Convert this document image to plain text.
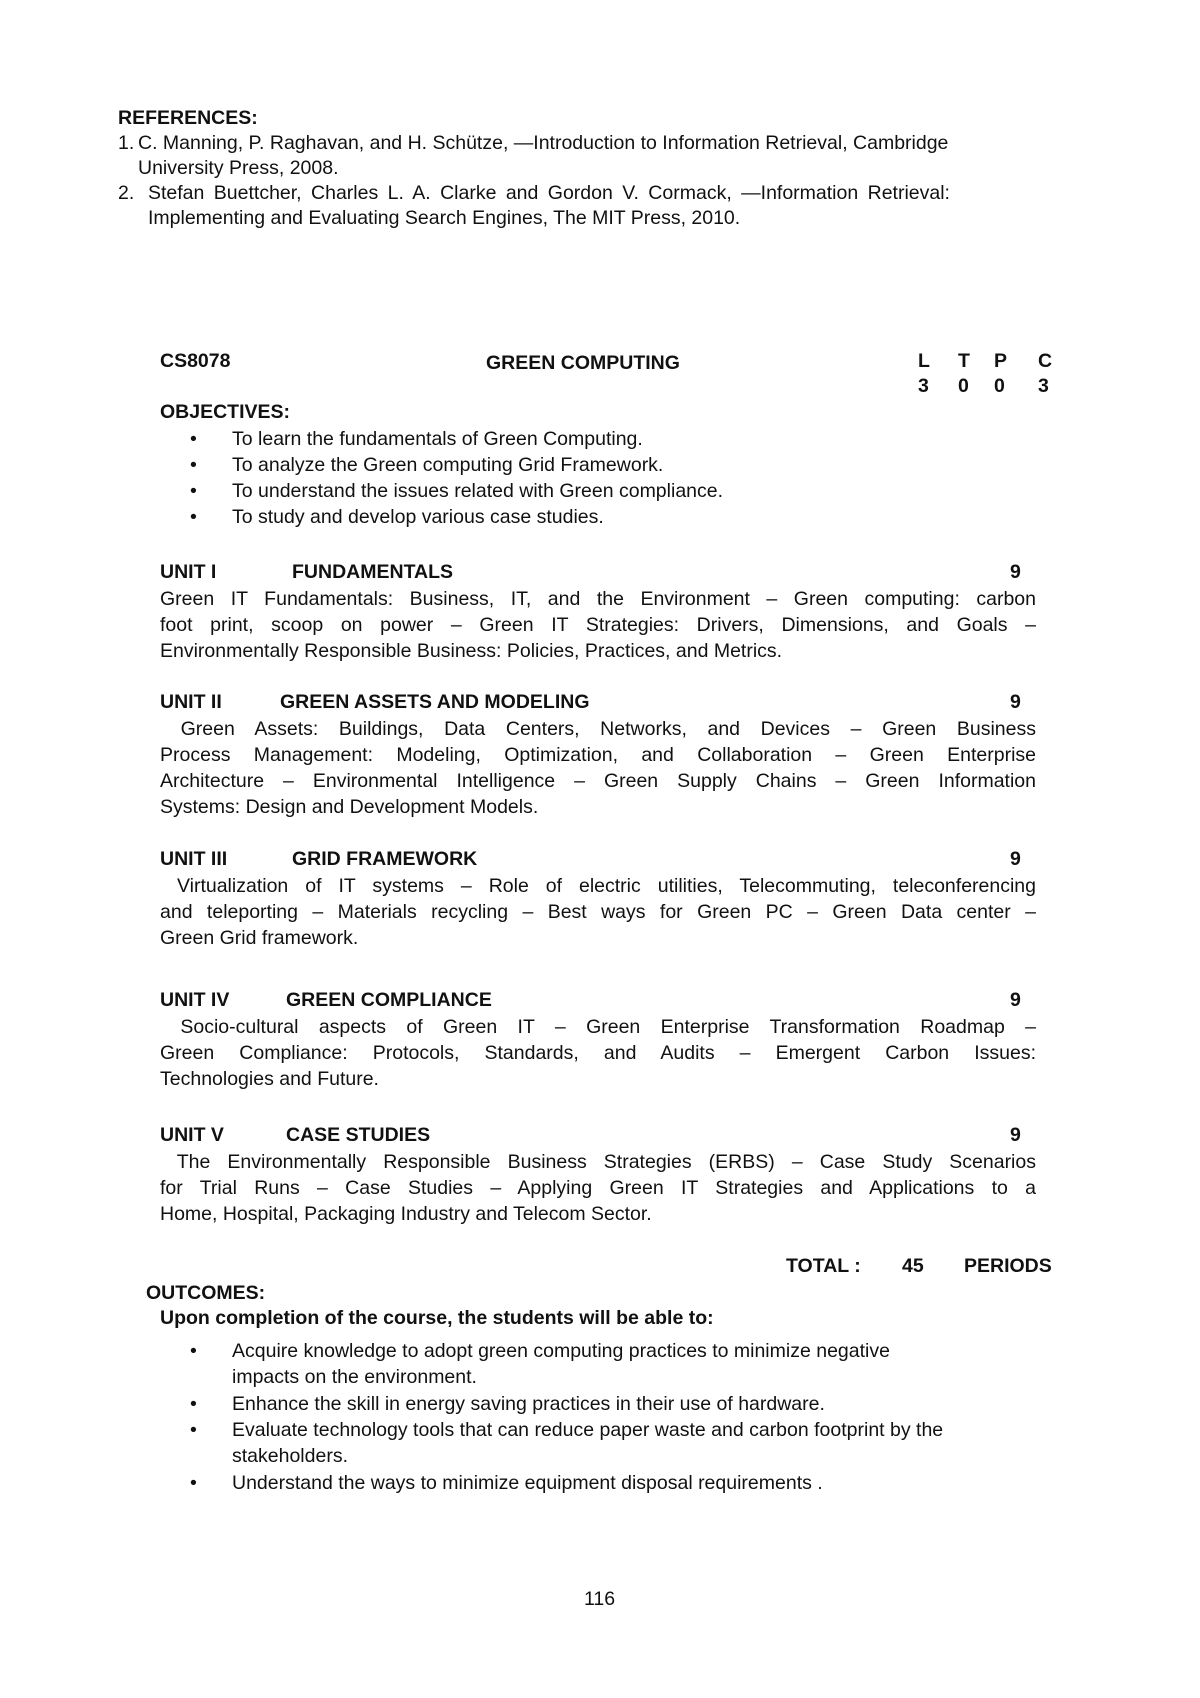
REFERENCES:
1. C. Manning, P. Raghavan, and H. Schütze, —Introduction to Information Retrieval, Cambridge
University Press, 2008.
2. Stefan Buettcher, Charles L. A. Clarke and Gordon V. Cormack, —Information Retrieval:
Implementing and Evaluating Search Engines, The MIT Press, 2010.
CS8078	GREEN COMPUTING	L T P C
3 0 0 3
OBJECTIVES:
• To learn the fundamentals of Green Computing.
• To analyze the Green computing Grid Framework.
• To understand the issues related with Green compliance.
• To study and develop various case studies.
UNIT I	FUNDAMENTALS	9
Green IT Fundamentals: Business, IT, and the Environment – Green computing: carbon
foot print, scoop on power – Green IT Strategies: Drivers, Dimensions, and Goals –
Environmentally Responsible Business: Policies, Practices, and Metrics.
UNIT II	GREEN ASSETS AND MODELING	9
Green Assets: Buildings, Data Centers, Networks, and Devices – Green Business
Process Management: Modeling, Optimization, and Collaboration – Green Enterprise
Architecture – Environmental Intelligence – Green Supply Chains – Green Information
Systems: Design and Development Models.
UNIT III	GRID FRAMEWORK	9
Virtualization of IT systems – Role of electric utilities, Telecommuting, teleconferencing
and teleporting – Materials recycling – Best ways for Green PC – Green Data center –
Green Grid framework.
UNIT IV	GREEN COMPLIANCE	9
Socio-cultural aspects of Green IT – Green Enterprise Transformation Roadmap –
Green Compliance: Protocols, Standards, and Audits – Emergent Carbon Issues:
Technologies and Future.
UNIT V	CASE STUDIES	9
The Environmentally Responsible Business Strategies (ERBS) – Case Study Scenarios
for Trial Runs – Case Studies – Applying Green IT Strategies and Applications to a
Home, Hospital, Packaging Industry and Telecom Sector.
TOTAL : 45 PERIODS
OUTCOMES:
Upon completion of the course, the students will be able to:
• Acquire knowledge to adopt green computing practices to minimize negative
impacts on the environment.
• Enhance the skill in energy saving practices in their use of hardware.
• Evaluate technology tools that can reduce paper waste and carbon footprint by the
stakeholders.
• Understand the ways to minimize equipment disposal requirements .
116
